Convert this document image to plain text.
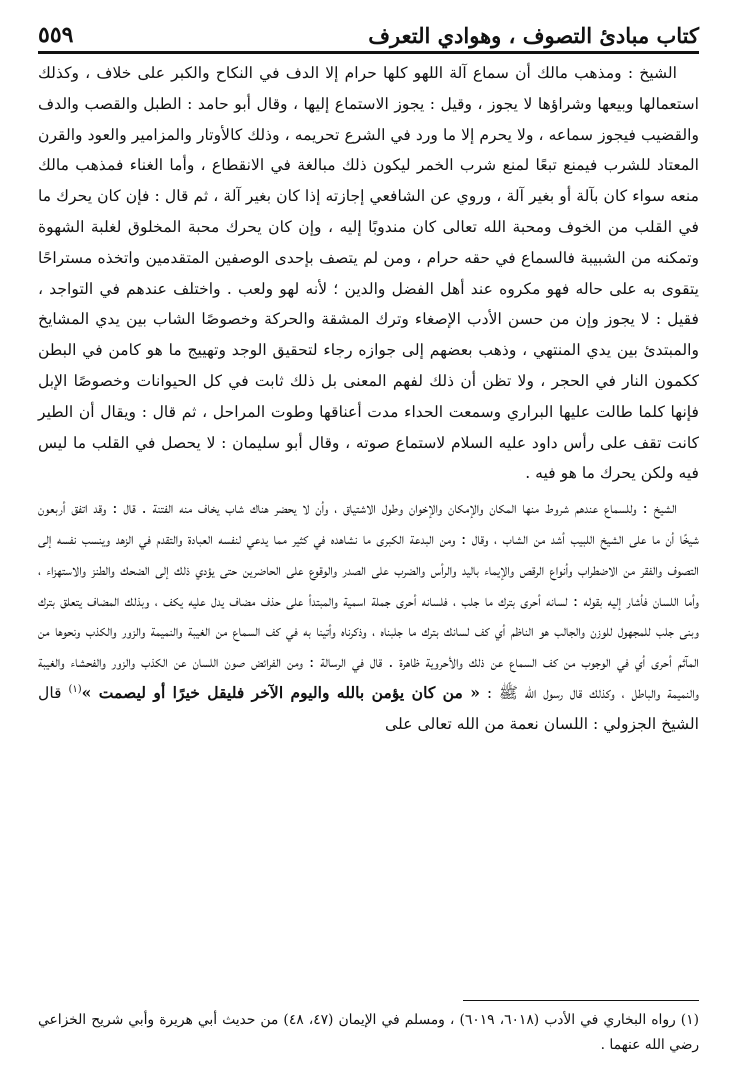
٥٥٩	كتاب مبادئ التصوف ، وهوادي التعرف

الشيخ : ومذهب مالك أن سماع آلة اللهو كلها حرام إلا الدف في النكاح والكبر على خلاف ، وكذلك استعمالها وبيعها وشراؤها لا يجوز ، وقيل : يجوز الاستماع إليها ، وقال أبو حامد : الطبل والقصب والدف والقضيب فيجوز سماعه ، ولا يحرم إلا ما ورد في الشرع تحريمه ، وذلك كالأوتار والمزامير والعود والقرن المعتاد للشرب فيمنع تبعًا لمنع شرب الخمر ليكون ذلك مبالغة في الانقطاع ، وأما الغناء فمذهب مالك منعه سواء كان بآلة أو بغير آلة ، وروي عن الشافعي إجازته إذا كان بغير آلة ، ثم قال : فإن كان يحرك ما في القلب من الخوف ومحبة الله تعالى كان مندوبًا إليه ، وإن كان يحرك محبة المخلوق لغلبة الشهوة وتمكنه من الشبيبة فالسماع في حقه حرام ، ومن لم يتصف بإحدى الوصفين المتقدمين واتخذه مستراحًا يتقوى به على حاله فهو مكروه عند أهل الفضل والدين ؛ لأنه لهو ولعب . واختلف عندهم في التواجد ، فقيل : لا يجوز وإن من حسن الأدب الإصغاء وترك المشقة والحركة وخصوصًا الشاب بين يدي المشايخ والمبتدئ بين يدي المنتهي ، وذهب بعضهم إلى جوازه رجاء لتحقيق الوجد وتهييج ما هو كامن في البطن ككمون النار في الحجر ، ولا تظن أن ذلك لفهم المعنى بل ذلك ثابت في كل الحيوانات وخصوصًا الإبل فإنها كلما طالت عليها البراري وسمعت الحداء مدت أعناقها وطوت المراحل ، ثم قال : ويقال أن الطير كانت تقف على رأس داود عليه السلام لاستماع صوته ، وقال أبو سليمان : لا يحصل في القلب ما ليس فيه ولكن يحرك ما هو فيه .

الشيخ : وللسماع عندهم شروط منها المكان والإمكان والإخوان وطول الاشتياق ، وأن لا يحضر هناك شاب يخاف منه الفتنة . قال : وقد اتفق أربعون شيخًا أن ما على الشيخ اللبيب أشد من الشاب ، وقال : ومن البدعة الكبرى ما نشاهده في كثير مما يدعي لنفسه العبادة والتقدم في الزهد وينسب نفسه إلى التصوف والفقر من الاضطراب وأنواع الرقص والإيماء باليد والرأس والضرب على الصدر والوقوع على الحاضرين حتى يؤدي ذلك إلى الضحك والطنز والاستهزاء ، وأما اللسان فأشار إليه بقوله : لسانه أحرى بترك ما جلب ، فلسانه أحرى جملة اسمية والمبتدأ على حذف مضاف يدل عليه يكف ، وبذلك المضاف يتعلق بترك وبنى جلب للمجهول للوزن والجالب هو الناظم أي كف لسانك بترك ما جلبناه ، وذكرناه وأتينا به في كف السماع من الغيبة والنميمة والزور والكذب ونحوها من المآثم أحرى أي في الوجوب من كف السماع عن ذلك والأحروية ظاهرة . قال في الرسالة : ومن الفرائض صون اللسان عن الكذب والزور والفحشاء والغيبة والنميمة والباطل ، وكذلك قال رسول الله ﷺ : « من كان يؤمن بالله واليوم الآخر فليقل خيرًا أو ليصمت »$^{(١)}$ قال الشيخ الجزولي : اللسان نعمة من الله تعالى على

(١) رواه البخاري في الأدب (٦٠١٨، ٦٠١٩) ، ومسلم في الإيمان (٤٧، ٤٨) من حديث أبي هريرة وأبي شريح الخزاعي رضي الله عنهما .
